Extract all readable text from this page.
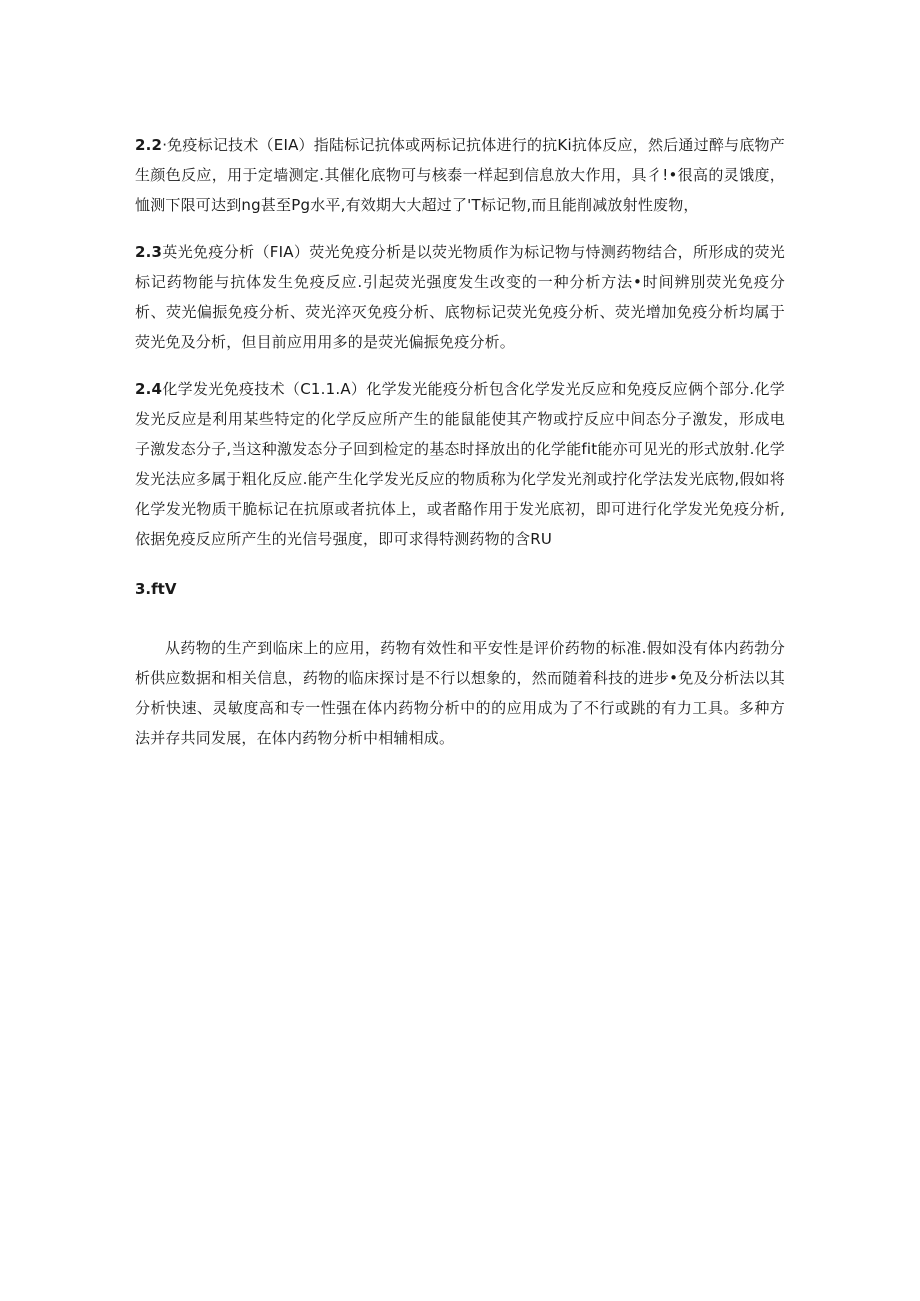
2.2·免疫标记技术（EIA）指陆标记抗体或两标记抗体进行的抗Ki抗体反应，然后通过醉与底物产生颜色反应，用于定墙测定.其催化底物可与核泰一样起到信息放大作用，具彳!•很高的灵饿度，恤测下限可达到ng甚至Pg水平,有效期大大超过了'T标记物,而且能削减放射性废物，

2.3英光免疫分析（FIA）荧光免疫分析是以荧光物质作为标记物与恃测药物结合，所形成的荧光标记药物能与抗体发生免疫反应.引起荧光强度发生改变的一种分析方法•时间辨別荧光免疫分析、荧光偏振免疫分析、荧光淬灭免疫分析、底物标记荧光免疫分析、荧光增加免疫分析均属于荧光免及分析，但目前应用用多的是荧光偏振免疫分析。

2.4化学发光免疫技术（C1.1.A）化学发光能疫分析包含化学发光反应和免疫反应俩个部分.化学发光反应是利用某些特定的化学反应所产生的能鼠能使其产物或拧反应中间态分子激发，形成电子激发态分子,当这种激发态分子回到检定的基态时择放出的化学能fit能亦可见光的形式放射.化学发光法应多属于粗化反应.能产生化学发光反应的物质称为化学发光剂或拧化学法发光底物,假如将化学发光物质干脆标记在抗原或者抗体上，或者酪作用于发光底初，即可进行化学发光免疫分析,依据免疫反应所产生的光信号强度，即可求得特测药物的含RU

3.ftV

从药物的生产到临床上的应用，药物有效性和平安性是评价药物的标准.假如没有体内药勃分析供应数据和相关信息，药物的临床探讨是不行以想象的，然而随着科技的进步•免及分析法以其分析快速、灵敏度高和专一性强在体内药物分析中的的应用成为了不行或跳的有力工具。多种方法并存共同发展，在体内药物分析中相辅相成。
